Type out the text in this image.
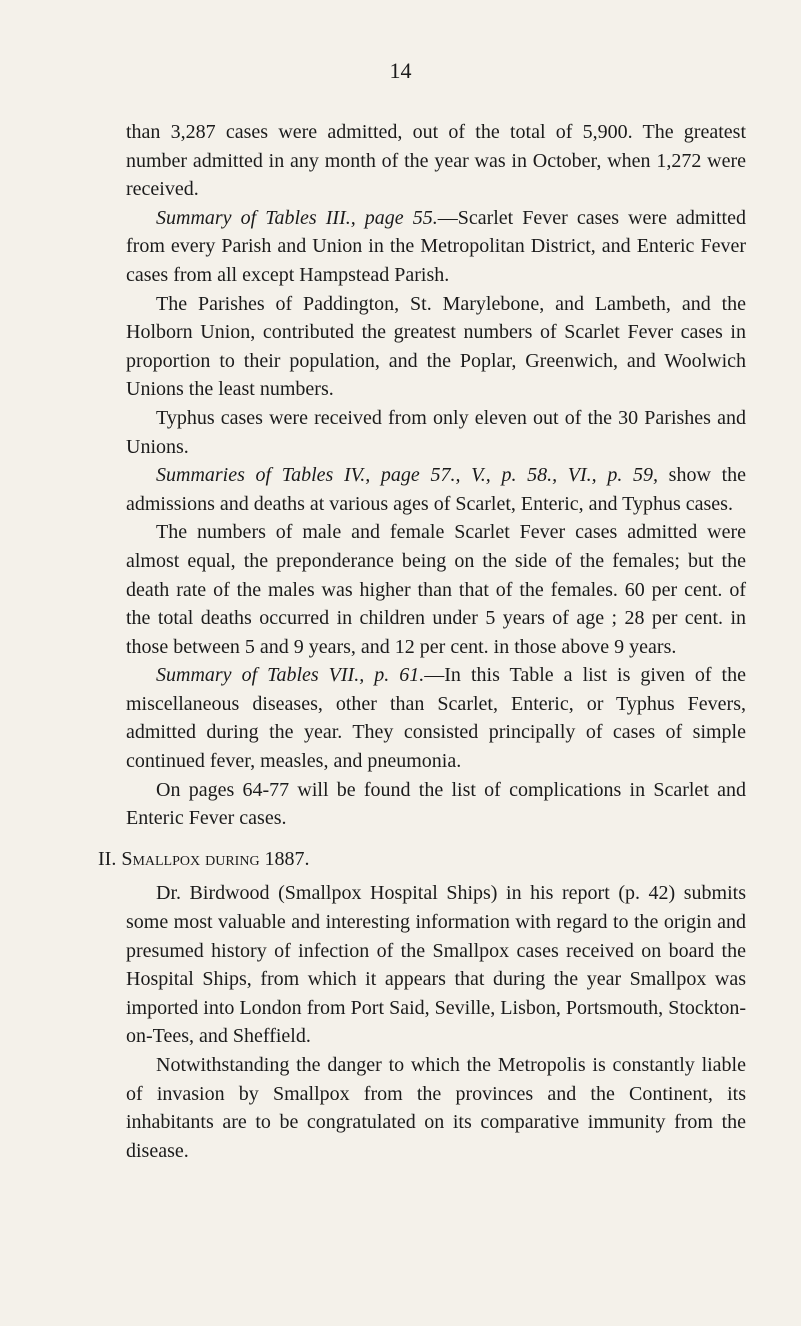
14

than 3,287 cases were admitted, out of the total of 5,900. The greatest number admitted in any month of the year was in October, when 1,272 were received.

Summary of Tables III., page 55.—Scarlet Fever cases were admitted from every Parish and Union in the Metropolitan District, and Enteric Fever cases from all except Hampstead Parish.

The Parishes of Paddington, St. Marylebone, and Lambeth, and the Holborn Union, contributed the greatest numbers of Scarlet Fever cases in proportion to their population, and the Poplar, Greenwich, and Woolwich Unions the least numbers.

Typhus cases were received from only eleven out of the 30 Parishes and Unions.

Summaries of Tables IV., page 57., V., p. 58., VI., p. 59, show the admissions and deaths at various ages of Scarlet, Enteric, and Typhus cases.

The numbers of male and female Scarlet Fever cases admitted were almost equal, the preponderance being on the side of the females; but the death rate of the males was higher than that of the females. 60 per cent. of the total deaths occurred in children under 5 years of age ; 28 per cent. in those between 5 and 9 years, and 12 per cent. in those above 9 years.

Summary of Tables VII., p. 61.—In this Table a list is given of the miscellaneous diseases, other than Scarlet, Enteric, or Typhus Fevers, admitted during the year. They consisted principally of cases of simple continued fever, measles, and pneumonia.

On pages 64-77 will be found the list of complications in Scarlet and Enteric Fever cases.

II. Smallpox during 1887.

Dr. Birdwood (Smallpox Hospital Ships) in his report (p. 42) submits some most valuable and interesting information with regard to the origin and presumed history of infection of the Smallpox cases received on board the Hospital Ships, from which it appears that during the year Smallpox was imported into London from Port Said, Seville, Lisbon, Portsmouth, Stockton-on-Tees, and Sheffield.

Notwithstanding the danger to which the Metropolis is constantly liable of invasion by Smallpox from the provinces and the Continent, its inhabitants are to be congratulated on its comparative immunity from the disease.
